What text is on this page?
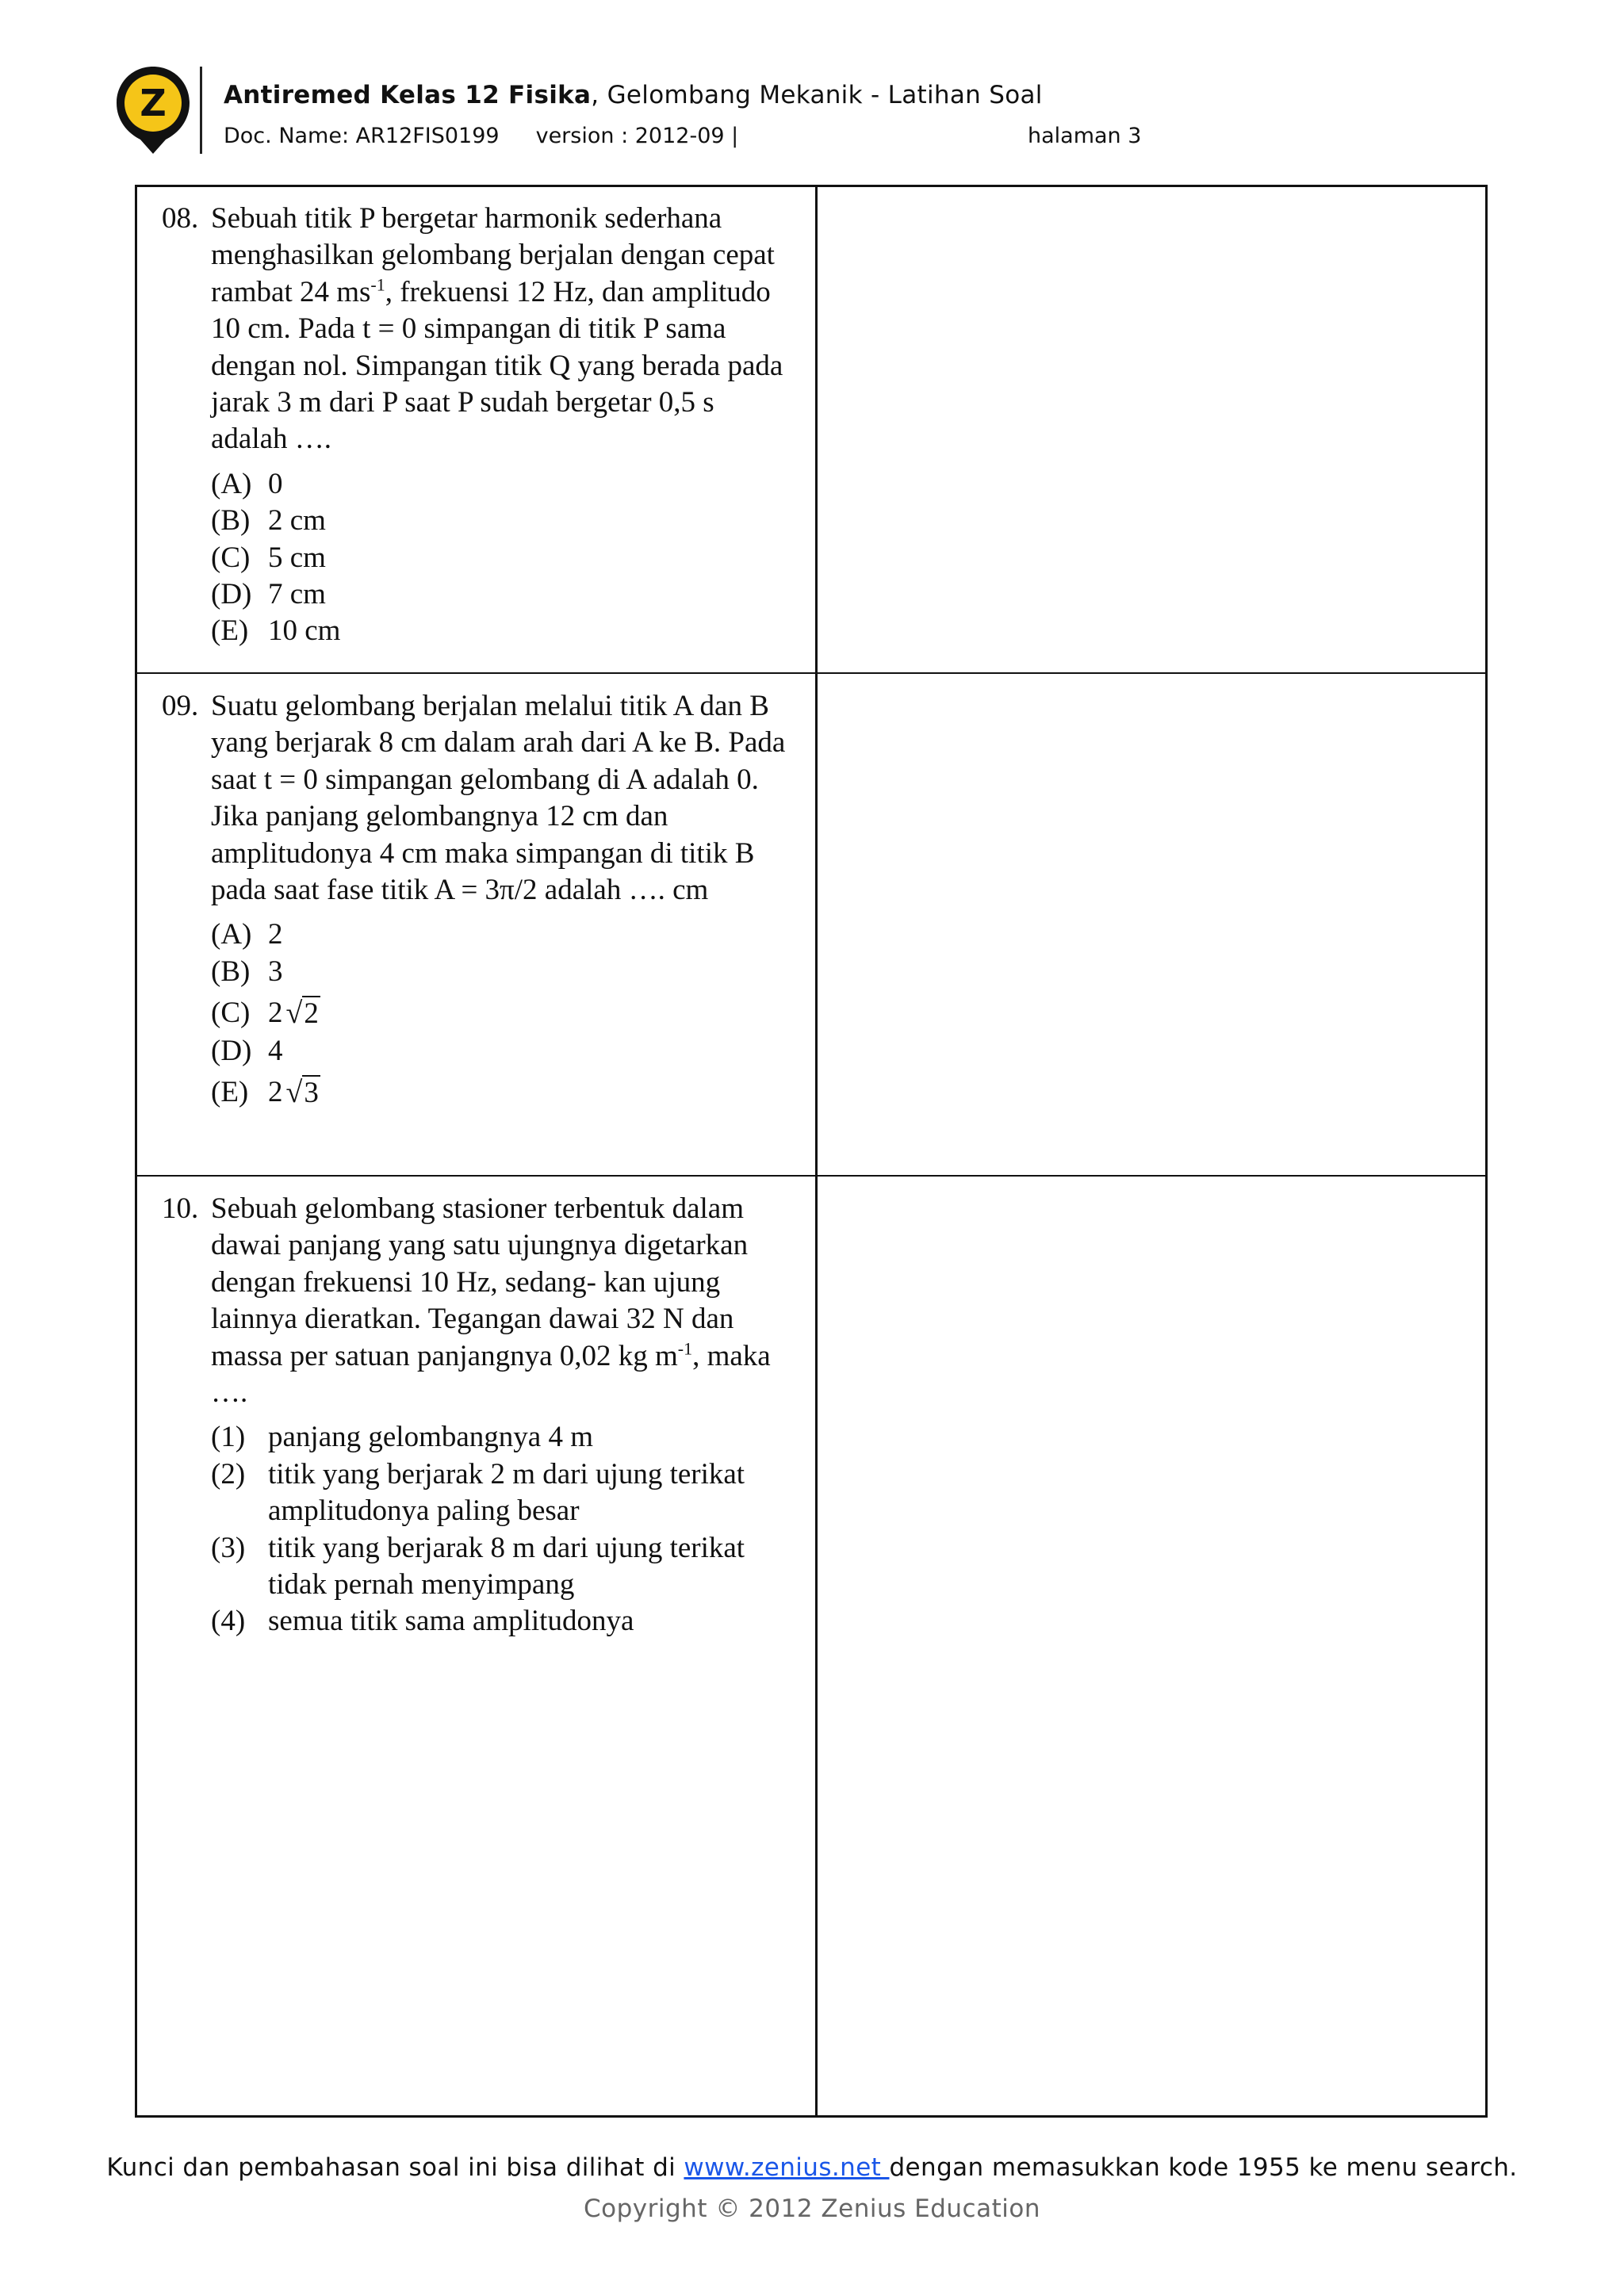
Z Antiremed Kelas 12 Fisika, Gelombang Mekanik - Latihan Soal
Doc. Name: AR12FIS0199 version : 2012-09 |	halaman 3
08. Sebuah titik P bergetar harmonik sederhana menghasilkan gelombang berjalan dengan cepat rambat 24 $ms^{-1}$, frekuensi 12 Hz, dan amplitudo 10 cm. Pada t = 0 simpangan di titik P sama dengan nol. Simpangan titik Q yang berada pada jarak 3 m dari P saat P sudah bergetar 0,5 s adalah ….
(A) 0
(B) 2 cm
(C) 5 cm
(D) 7 cm
(E) 10 cm
09. Suatu gelombang berjalan melalui titik A dan B yang berjarak 8 cm dalam arah dari A ke B. Pada saat t = 0 simpangan gelombang di A adalah 0. Jika panjang gelombangnya 12 cm dan amplitudonya 4 cm maka simpangan di titik B pada saat fase titik A = 3π/2 adalah …. cm
(A) 2
(B) 3
(C) 2 √2
(D) 4
(E) 2 √3
10. Sebuah gelombang stasioner terbentuk dalam dawai panjang yang satu ujungnya digetarkan dengan frekuensi 10 Hz, sedang- kan ujung lainnya dieratkan. Tegangan dawai 32 N dan massa per satuan panjangnya 0,02 kg $m^{-1}$, maka ….
(1) panjang gelombangnya 4 m
(2) titik yang berjarak 2 m dari ujung terikat amplitudonya paling besar
(3) titik yang berjarak 8 m dari ujung terikat tidak pernah menyimpang
(4) semua titik sama amplitudonya
Kunci dan pembahasan soal ini bisa dilihat di www.zenius.net dengan memasukkan kode 1955 ke menu search.
Copyright © 2012 Zenius Education
